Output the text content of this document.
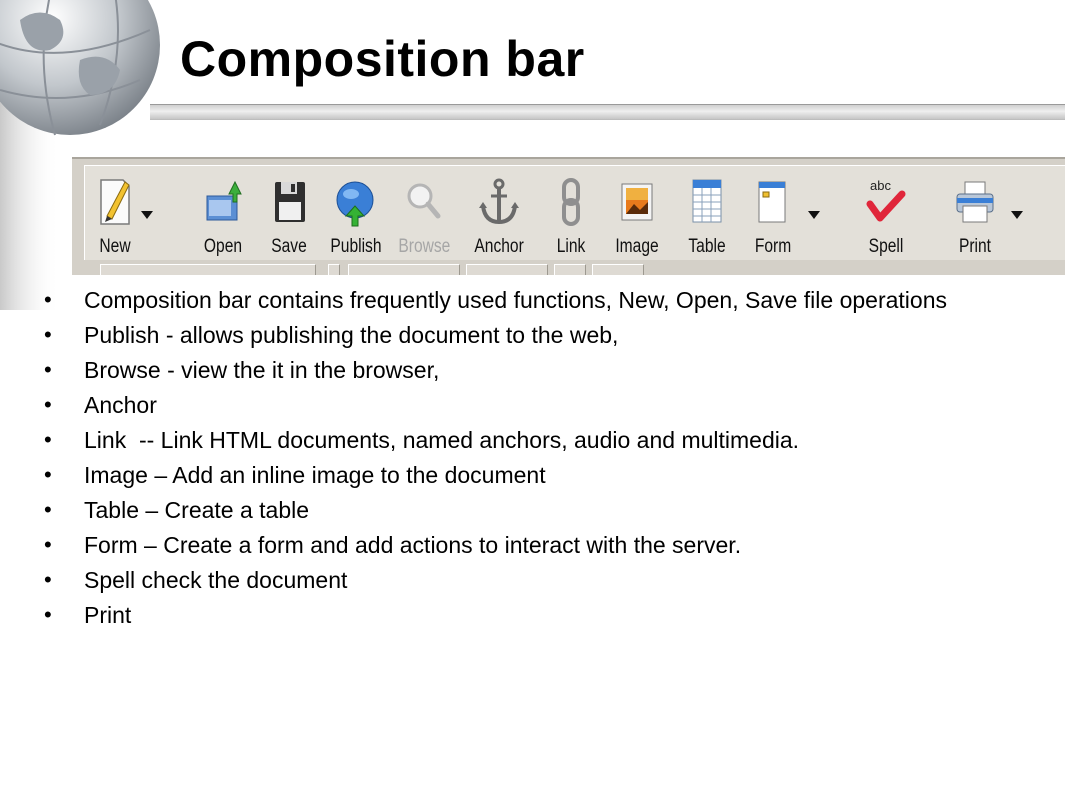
Composition bar
New	Open	Save	Publish Browse Anchor	Link	Image	Table	Form
abc
Spell	Print
• Composition bar contains frequently used functions, New, Open, Save file operations
• Publish - allows publishing the document to the web,
• Browse - view the it in the browser,
• Anchor
• Link  -- Link HTML documents, named anchors, audio and multimedia.
• Image – Add an inline image to the document
• Table – Create a table
• Form – Create a form and add actions to interact with the server.
• Spell check the document
• Print
